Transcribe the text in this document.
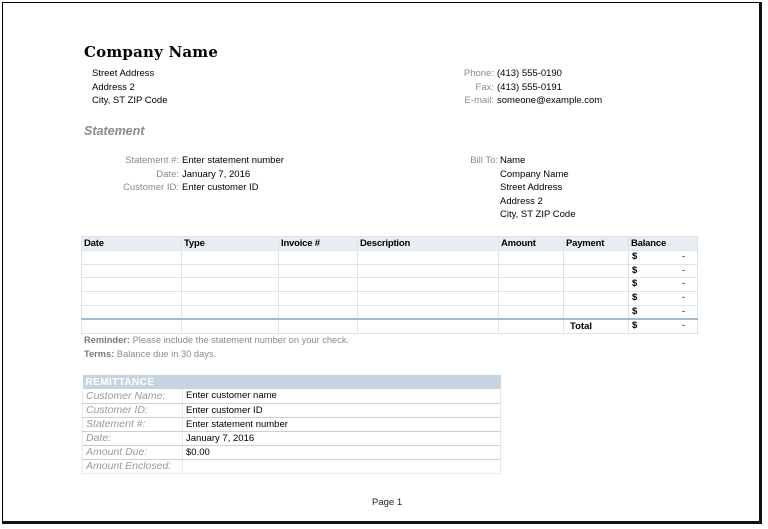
Company Name
Street Address
Address 2
City, ST ZIP Code
Phone: (413) 555-0190
Fax: (413) 555-0191
E-mail: someone@example.com
Statement
Statement #: Enter statement number
Date: January 7, 2016
Customer ID: Enter customer ID
Bill To: Name
Company Name
Street Address
Address 2
City, ST ZIP Code
Date	Type	Invoice #	Description	Amount	Payment	Balance

						$ -

						$ -

						$ -

						$ -

						$ -

					Total	$ -
Reminder: Please include the statement number on your check.
Terms: Balance due in 30 days.
REMITTANCE	
Customer Name:	Enter customer name
Customer ID:	Enter customer ID
Statement #:	Enter statement number
Date:	January 7, 2016
Amount Due:	$0.00
Amount Enclosed:	
Page 1
